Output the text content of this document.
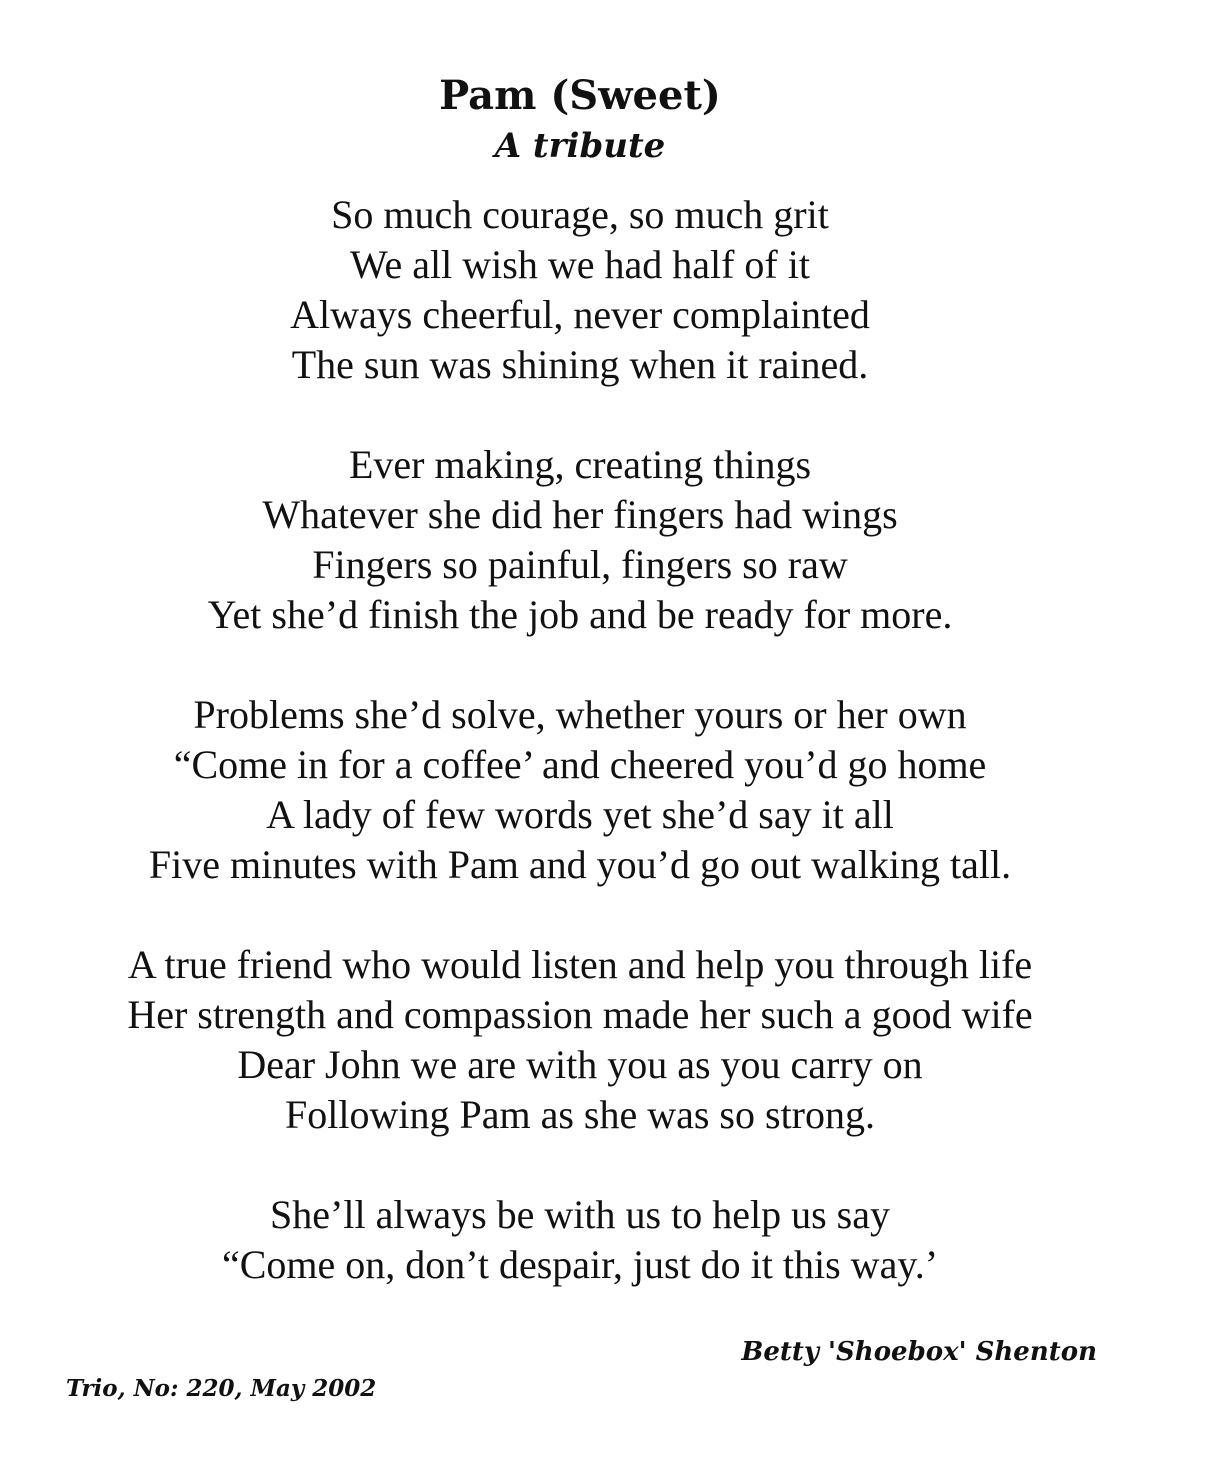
Pam (Sweet)
A tribute
So much courage, so much grit
We all wish we had half of it
Always cheerful, never complainted
The sun was shining when it rained.
Ever making, creating things
Whatever she did her fingers had wings
Fingers so painful, fingers so raw
Yet she’d finish the job and be ready for more.
Problems she’d solve, whether yours or her own
“Come in for a coffee’ and cheered you’d go home
A lady of few words yet she’d say it all
Five minutes with Pam and you’d go out walking tall.
A true friend who would listen and help you through life
Her strength and compassion made her such a good wife
Dear John we are with you as you carry on
Following Pam as she was so strong.
She’ll always be with us to help us say
“Come on, don’t despair, just do it this way.’
Betty 'Shoebox' Shenton
Trio, No: 220, May 2002
